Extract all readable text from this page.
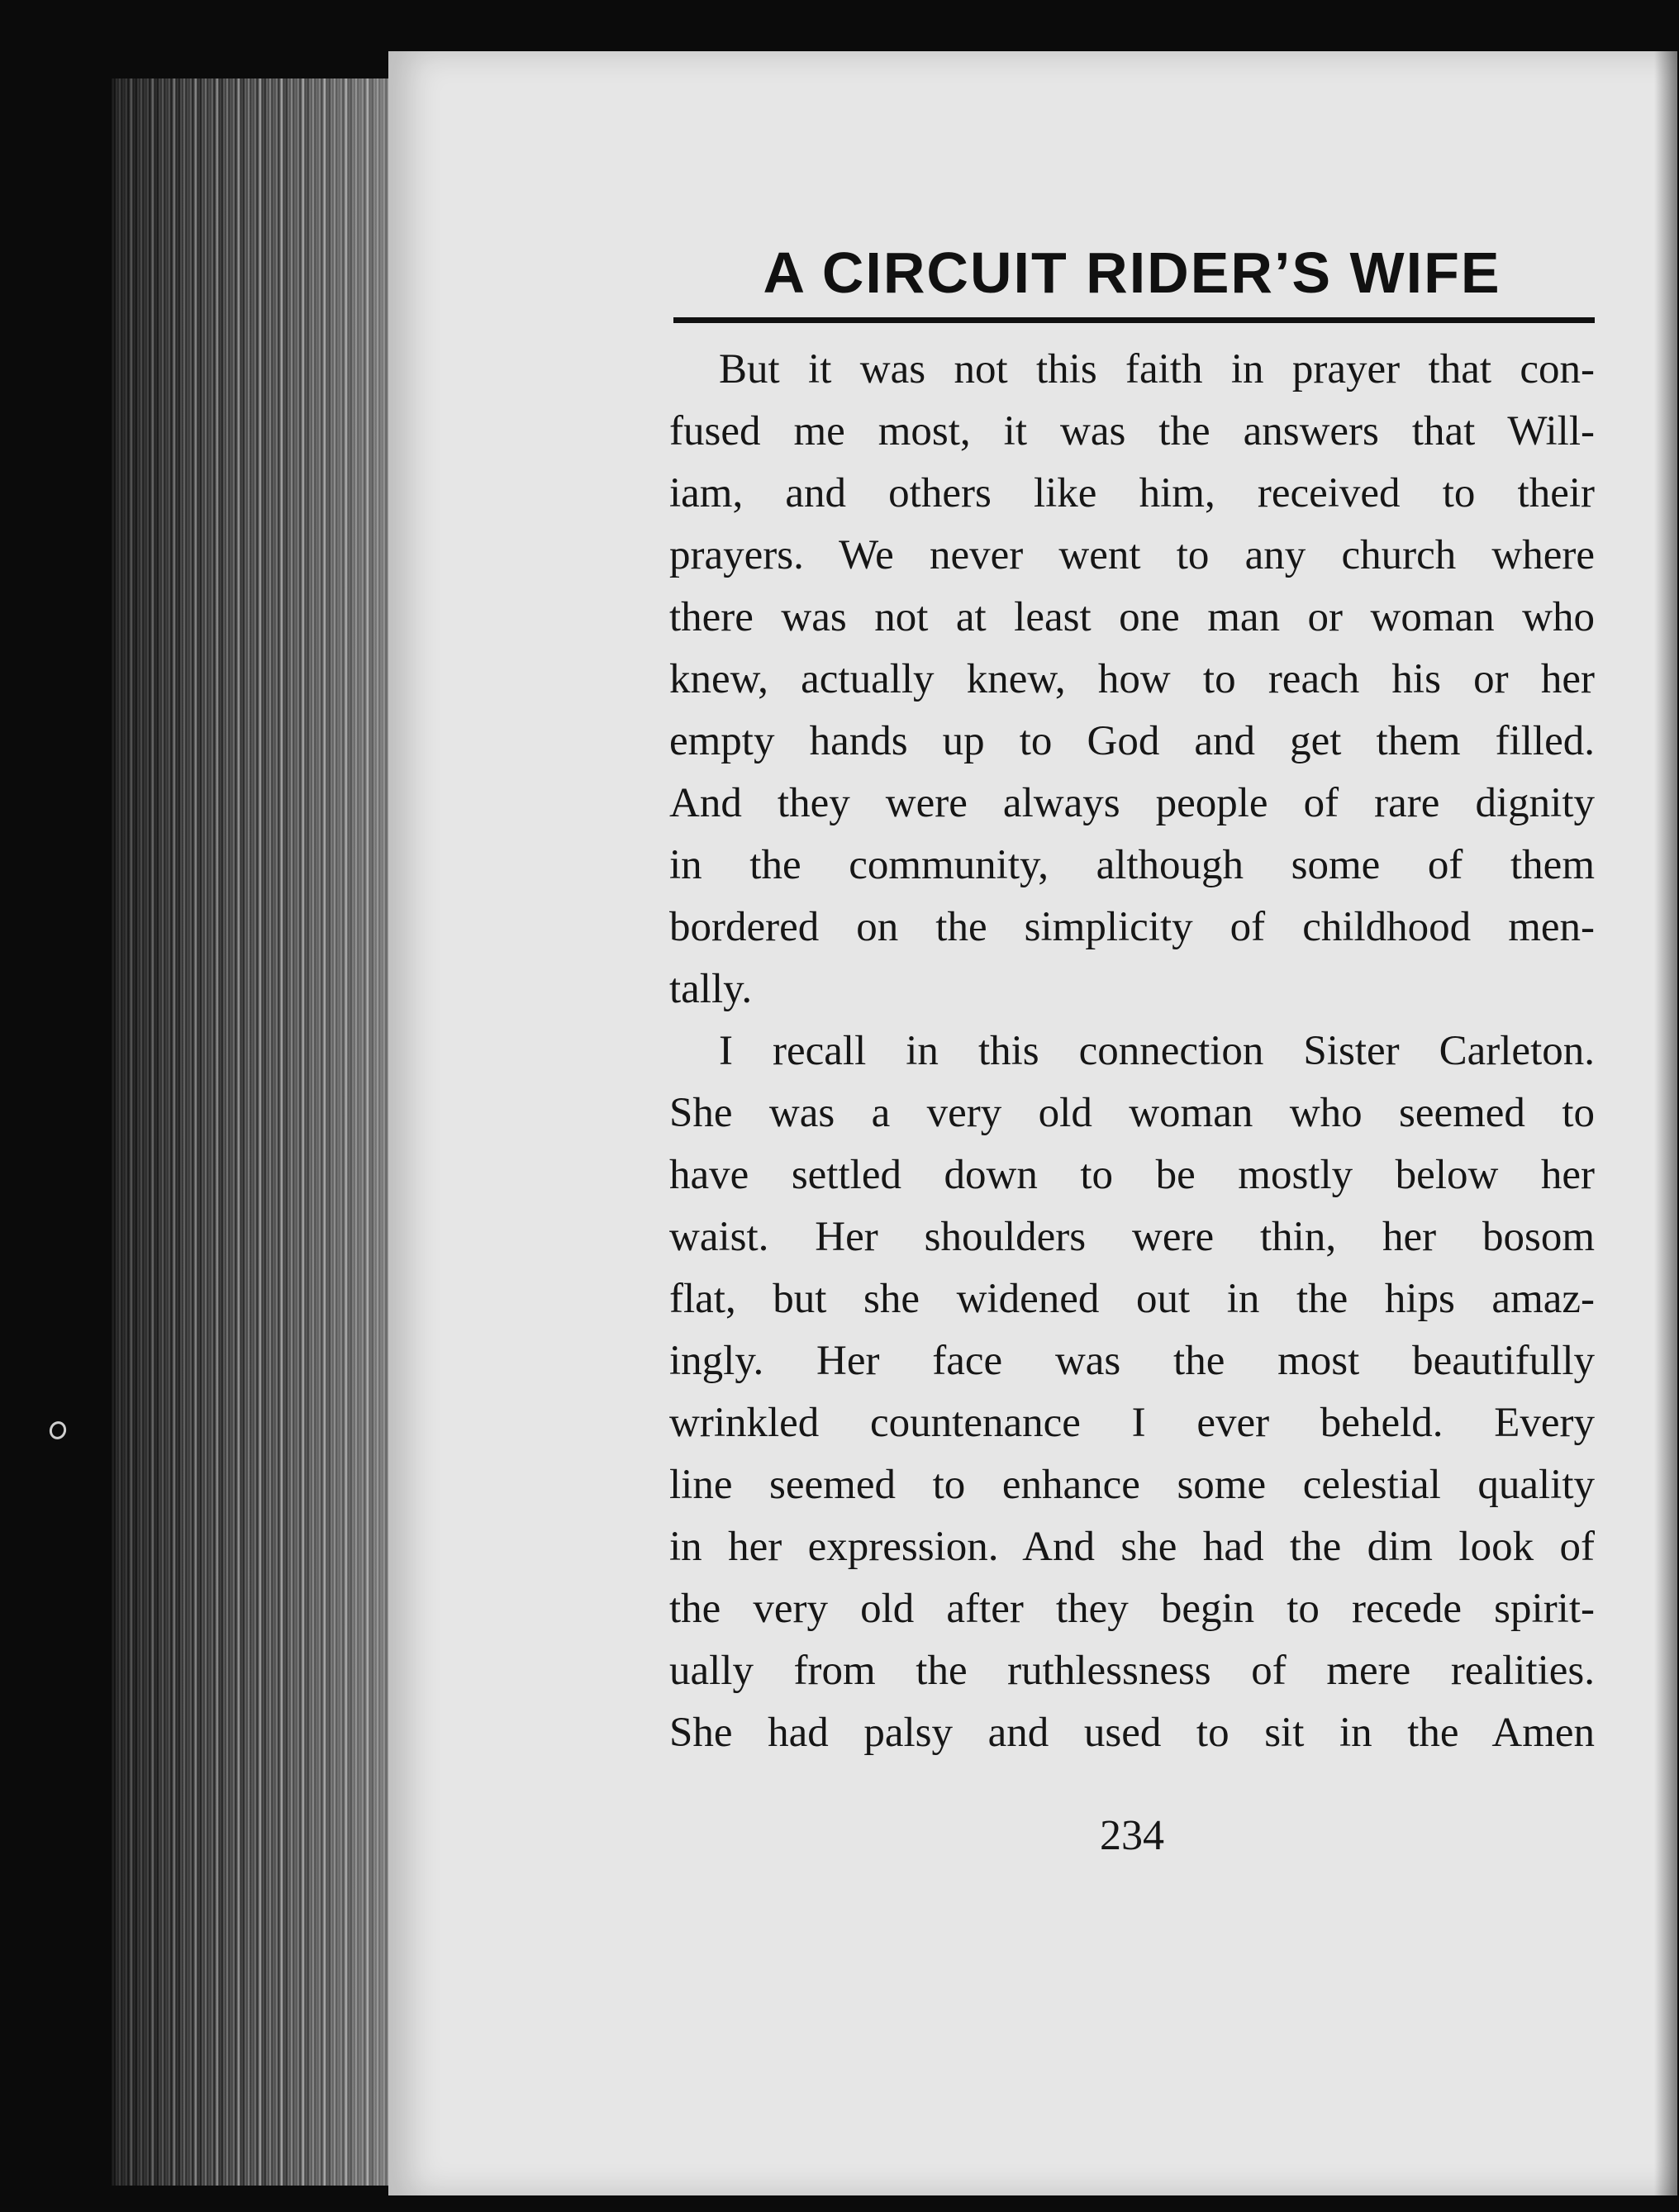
A CIRCUIT RIDER’S WIFE
But it was not this faith in prayer that con-
fused me most, it was the answers that Will-
iam, and others like him, received to their
prayers. We never went to any church where
there was not at least one man or woman who
knew, actually knew, how to reach his or her
empty hands up to God and get them filled.
And they were always people of rare dignity
in the community, although some of them
bordered on the simplicity of childhood men-
tally.
I recall in this connection Sister Carleton.
She was a very old woman who seemed to
have settled down to be mostly below her
waist. Her shoulders were thin, her bosom
flat, but she widened out in the hips amaz-
ingly. Her face was the most beautifully
wrinkled countenance I ever beheld. Every
line seemed to enhance some celestial quality
in her expression. And she had the dim look of
the very old after they begin to recede spirit-
ually from the ruthlessness of mere realities.
She had palsy and used to sit in the Amen

234
